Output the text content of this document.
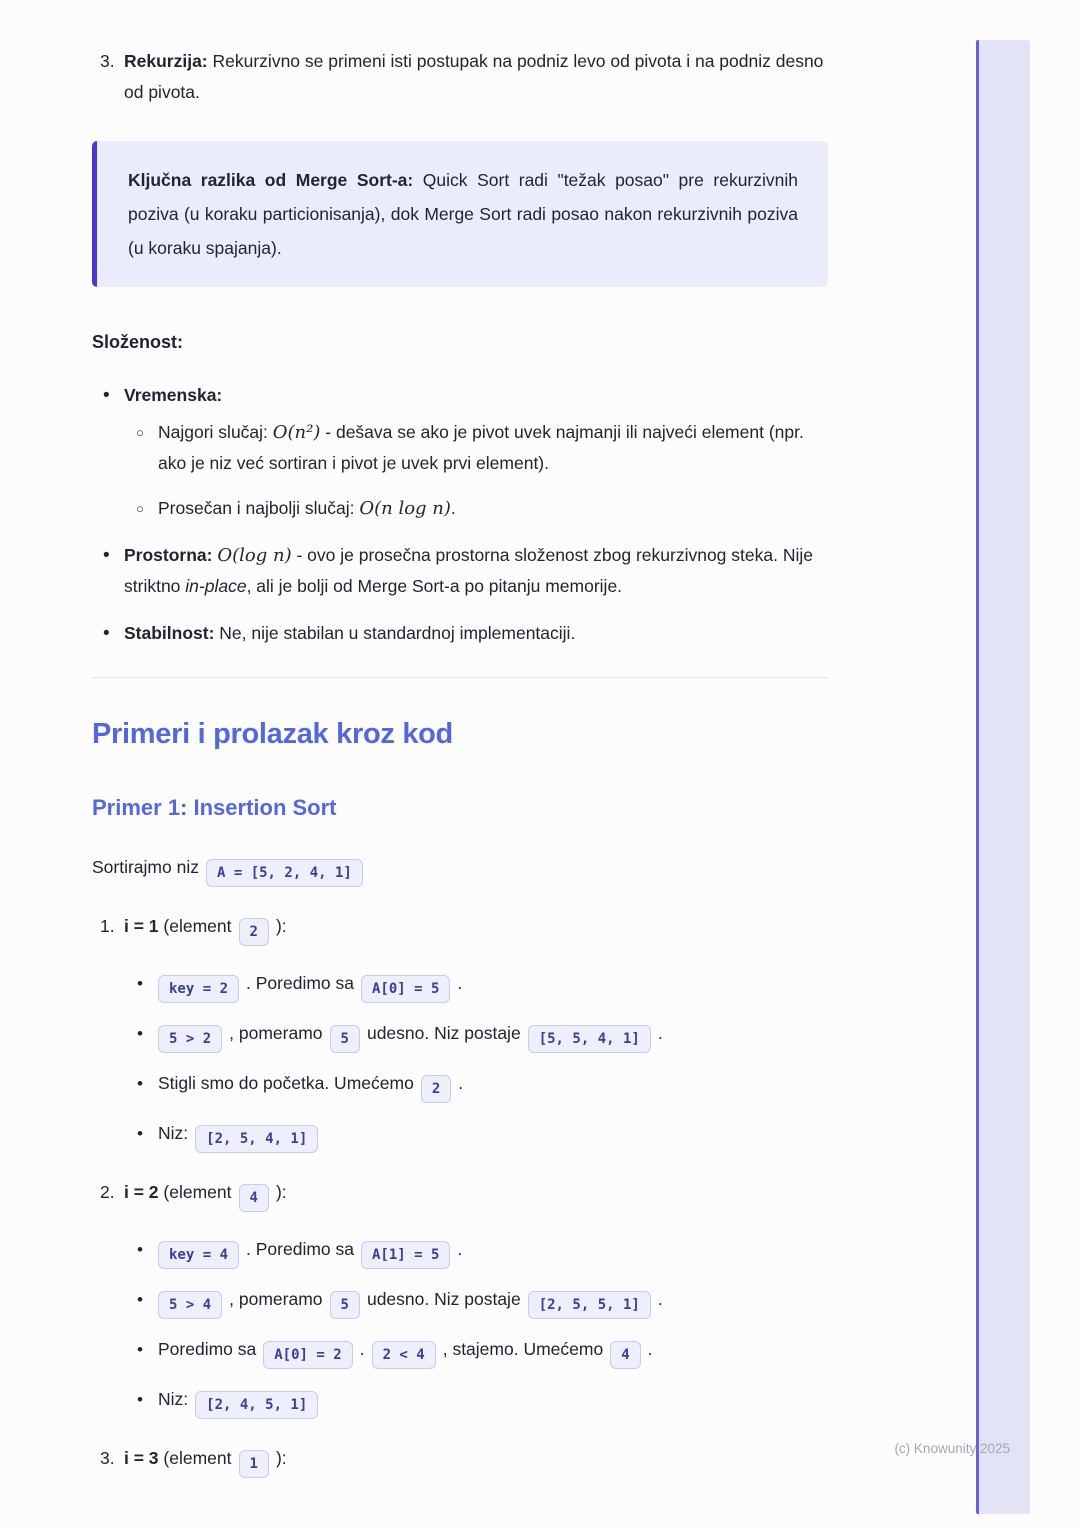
3. Rekurzija: Rekurzivno se primeni isti postupak na podniz levo od pivota i na podniz desno od pivota.

Ključna razlika od Merge Sort-a: Quick Sort radi "težak posao" pre rekurzivnih poziva (u koraku particionisanja), dok Merge Sort radi posao nakon rekurzivnih poziva (u koraku spajanja).

Složenost:
• Vremenska:
○ Najgori slučaj: O(n²) - dešava se ako je pivot uvek najmanji ili najveći element (npr. ako je niz već sortiran i pivot je uvek prvi element).
○ Prosečan i najbolji slučaj: O(n log n).
• Prostorna: O(log n) - ovo je prosečna prostorna složenost zbog rekurzivnog steka. Nije striktno in-place, ali je bolji od Merge Sort-a po pitanju memorije.
• Stabilnost: Ne, nije stabilan u standardnoj implementaciji.
Primeri i prolazak kroz kod
Primer 1: Insertion Sort

Sortirajmo niz A = [5, 2, 4, 1]

1. i = 1 (element 2 ):
•	key = 2 . Poredimo sa A[0] = 5 .
•	5 > 2 , pomeramo 5 udesno. Niz postaje [5, 5, 4, 1] .
• Stigli smo do početka. Umećemo 2 .
• Niz: [2, 5, 4, 1]
2. i = 2 (element 4 ):
•	key = 4 . Poredimo sa A[1] = 5 .
•	5 > 4 , pomeramo 5 udesno. Niz postaje [2, 5, 5, 1] .
• Poredimo sa A[0] = 2 . 2 < 4 , stajemo. Umećemo 4 .
• Niz: [2, 4, 5, 1]
3. i = 3 (element 1 ):	(c) Knowunity 2025
